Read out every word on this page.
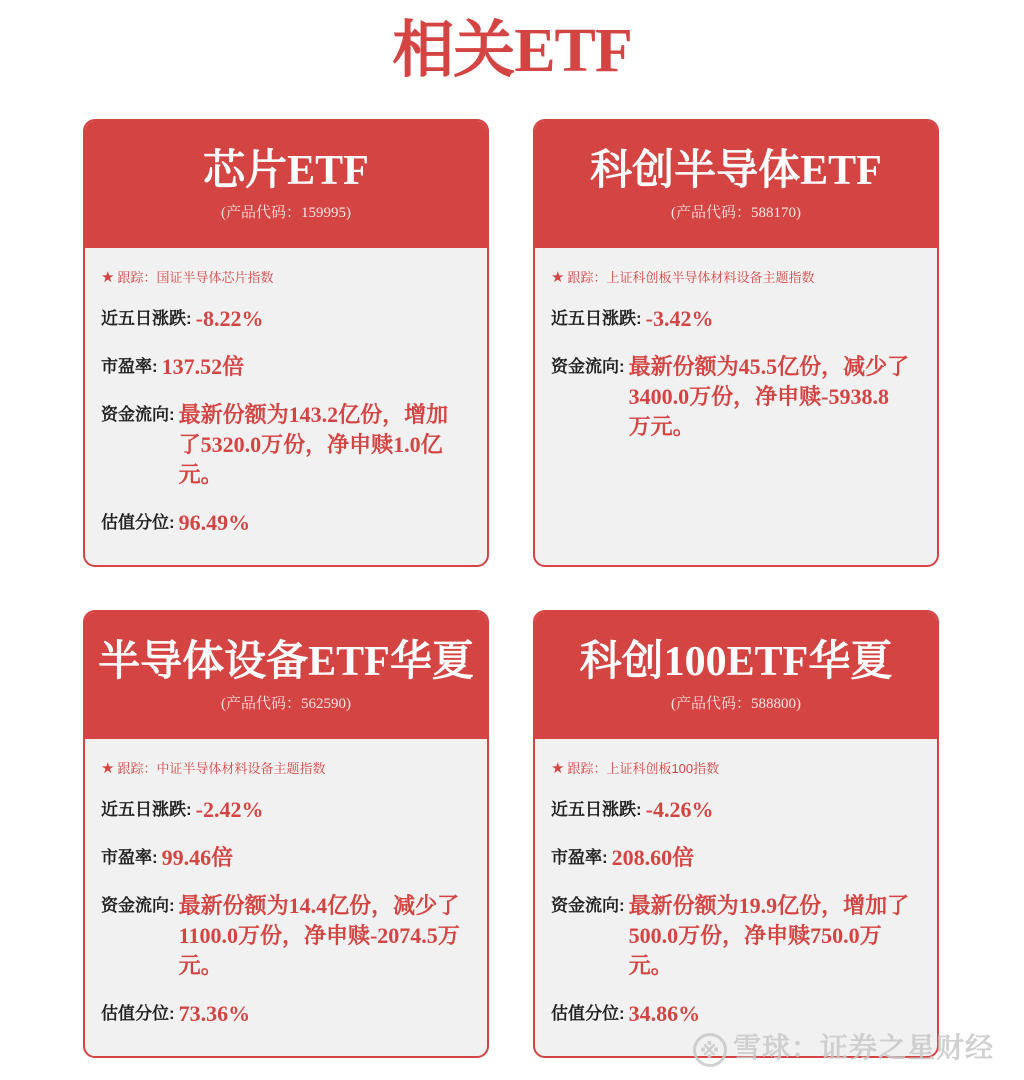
相关ETF
芯片ETF
(产品代码：159995)
★ 跟踪：国证半导体芯片指数
近五日涨跌: -8.22%
市盈率: 137.52倍
资金流向: 最新份额为143.2亿份，增加了5320.0万份，净申赎1.0亿元。
估值分位: 96.49%
科创半导体ETF
(产品代码：588170)
★ 跟踪：上证科创板半导体材料设备主题指数
近五日涨跌: -3.42%
资金流向: 最新份额为45.5亿份，减少了3400.0万份，净申赎-5938.8万元。
半导体设备ETF华夏
(产品代码：562590)
★ 跟踪：中证半导体材料设备主题指数
近五日涨跌: -2.42%
市盈率: 99.46倍
资金流向: 最新份额为14.4亿份，减少了1100.0万份，净申赎-2074.5万元。
估值分位: 73.36%
科创100ETF华夏
(产品代码：588800)
★ 跟踪：上证科创板100指数
近五日涨跌: -4.26%
市盈率: 208.60倍
资金流向: 最新份额为19.9亿份，增加了500.0万份，净申赎750.0万元。
估值分位: 34.86%
※ 雪球：证券之星财经
